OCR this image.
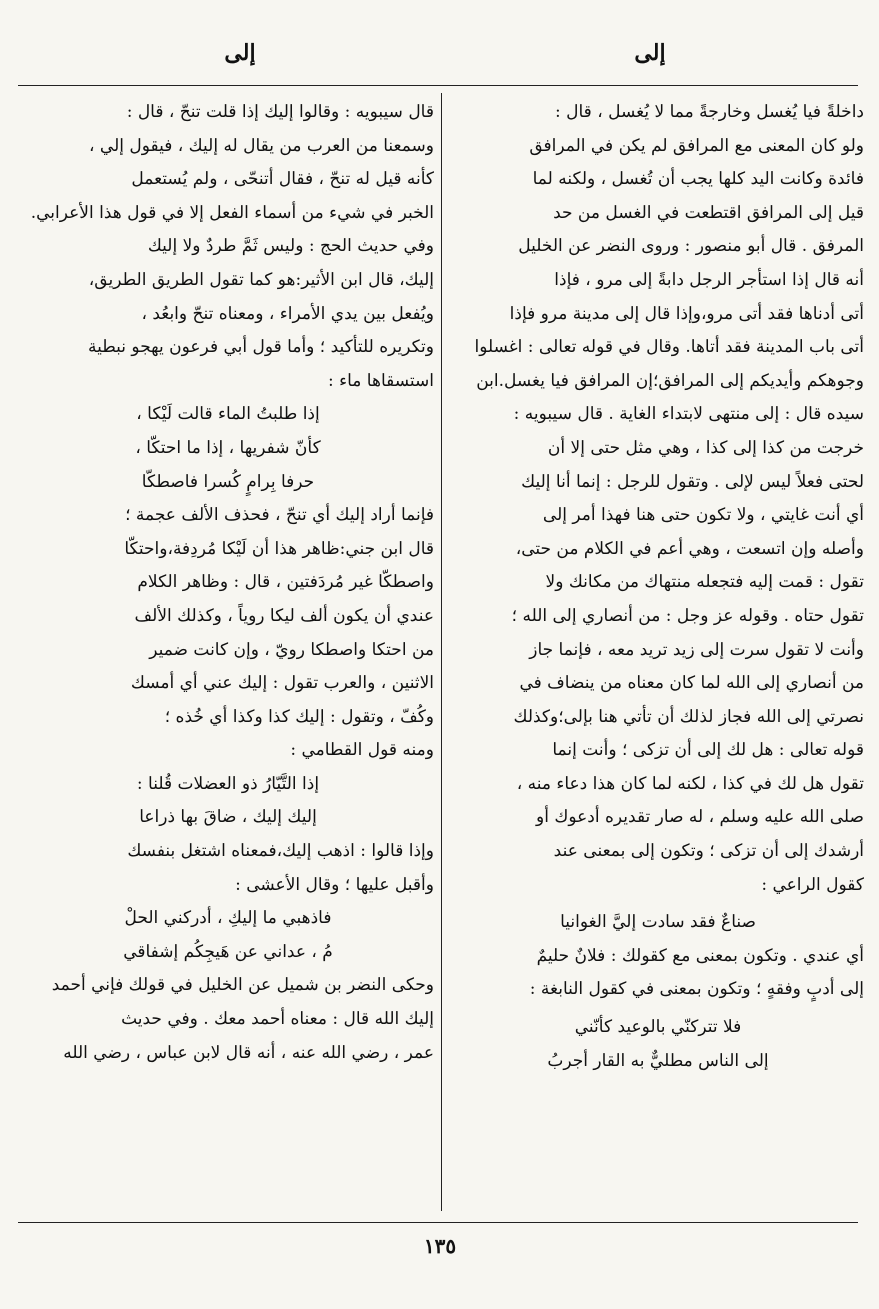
إلى
إلى

داخلةً فيا يُغسل وخارجةً مما لا يُغسل ، قال :

ولو كان المعنى مع المرافق لم يكن في المرافق

فائدة وكانت اليد كلها يجب أن تُغسل ، ولكنه لما

قيل إلى المرافق اقتطعت في الغسل من حد

المرفق . قال أبو منصور : وروى النضر عن الخليل

أنه قال إذا استأجر الرجل دابةً إلى مرو ، فإذا

أتى أدناها فقد أتى مرو،وإذا قال إلى مدينة مرو فإذا

أتى باب المدينة فقد أتاها. وقال في قوله تعالى : اغسلوا

وجوهكم وأيديكم إلى المرافق؛إن المرافق فيا يغسل.ابن

سيده قال : إلى منتهى لابتداء الغاية . قال سيبويه :

خرجت من كذا إلى كذا ، وهي مثل حتى إلا أن

لحتى فعلاً ليس لإلى . وتقول للرجل : إنما أنا إليك

أي أنت غايتي ، ولا تكون حتى هنا فهذا أمر إلى

وأصله وإن اتسعت ، وهي أعم في الكلام من حتى،

تقول : قمت إليه فتجعله منتهاك من مكانك ولا

تقول حتاه . وقوله عز وجل : من أنصاري إلى الله ؛

وأنت لا تقول سرت إلى زيد تريد معه ، فإنما جاز

من أنصاري إلى الله لما كان معناه من ينضاف في

نصرتي إلى الله فجاز لذلك أن تأتي هنا بإلى؛وكذلك

قوله تعالى : هل لك إلى أن تزكى ؛ وأنت إنما

تقول هل لك في كذا ، لكنه لما كان هذا دعاء منه ،

صلى الله عليه وسلم ، له صار تقديره أدعوك أو

أرشدك إلى أن تزكى ؛ وتكون إلى بمعنى عند

كقول الراعي :

صناعٌ فقد سادت إليَّ الغوانيا

أي عندي . وتكون بمعنى مع كقولك : فلانٌ حليمٌ

إلى أدبٍ وفقهٍ ؛ وتكون بمعنى في كقول النابغة :

فلا تتركنّي بالوعيد كأنّني

إلى الناس مطليٌّ به القار أجربُ

قال سيبويه : وقالوا إليك إذا قلت تنحّ ، قال :

وسمعنا من العرب من يقال له إليك ، فيقول إلي ،

كأنه قيل له تنحّ ، فقال أتنحّى ، ولم يُستعمل

الخبر في شيء من أسماء الفعل إلا في قول هذا الأعرابي.

وفي حديث الحج : وليس ثَمَّ طردٌ ولا إليك

إليك، قال ابن الأثير:هو كما تقول الطريق الطريق،

ويُفعل بين يدي الأمراء ، ومعناه تنحّ وابعُد ،

وتكريره للتأكيد ؛ وأما قول أبي فرعون يهجو نبطية

استسقاها ماء :

إذا طلبتُ الماء قالت لَيْكا ،

كأنّ شفريها ، إذا ما احتكّا ،

حرفا بِرامٍ كُسرا فاصطكّا

فإنما أراد إليك أي تنحّ ، فحذف الألف عجمة ؛

قال ابن جني:ظاهر هذا أن لَيْكا مُردِفة،واحتكّا

واصطكّا غير مُردَفتين ، قال : وظاهر الكلام

عندي أن يكون ألف ليكا روياً ، وكذلك الألف

من احتكا واصطكا رويّ ، وإن كانت ضمير

الاثنين ، والعرب تقول : إليك عني أي أمسك

وكُفّ ، وتقول : إليك كذا وكذا أي خُذه ؛

ومنه قول القطامي :

إذا التَّيّارُ ذو العضلات قُلنا :

إليك إليك ، ضاقَ بها ذراعا

وإذا قالوا : اذهب إليك،فمعناه اشتغل بنفسك

وأقبل عليها ؛ وقال الأعشى :

فاذهبي ما إليكِ ، أدركني الحلْ

مُ ، عداني عن هَيجِكُم إشفاقي

وحكى النضر بن شميل عن الخليل في قولك فإني أحمد

إليك الله قال : معناه أحمد معك . وفي حديث

عمر ، رضي الله عنه ، أنه قال لابن عباس ، رضي الله

١٣٥
